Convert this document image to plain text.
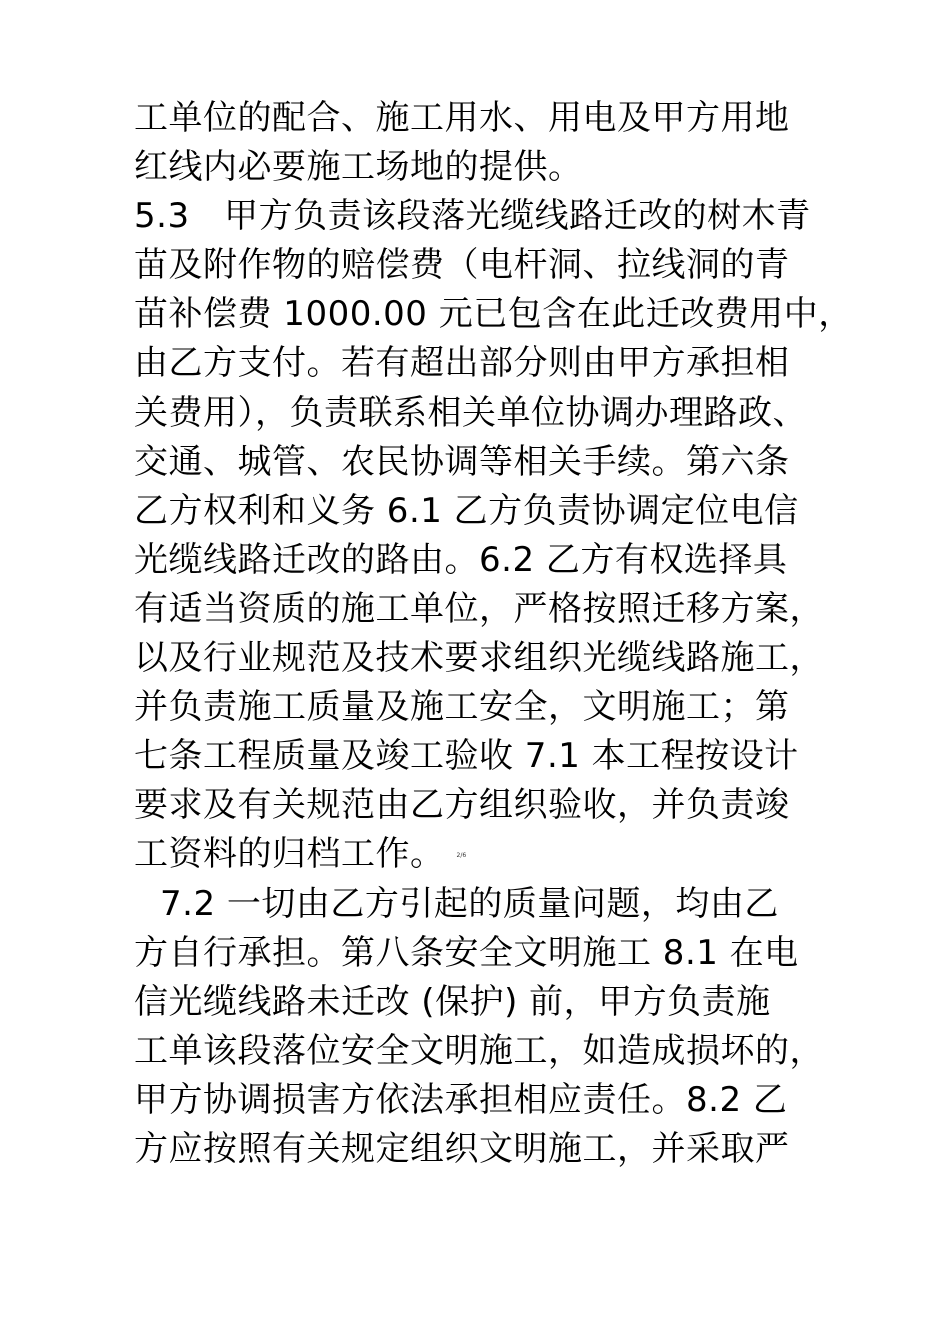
工单位的配合、施工用水、用电及甲方用地
红线内必要施工场地的提供。
5.3　甲方负责该段落光缆线路迁改的树木青
苗及附作物的赔偿费（电杆洞、拉线洞的青
苗补偿费 1000.00 元已包含在此迁改费用中，
由乙方支付。若有超出部分则由甲方承担相
关费用），负责联系相关单位协调办理路政、
交通、城管、农民协调等相关手续。第六条
乙方权利和义务 6.1 乙方负责协调定位电信
光缆线路迁改的路由。6.2 乙方有权选择具
有适当资质的施工单位，严格按照迁移方案，
以及行业规范及技术要求组织光缆线路施工，
并负责施工质量及施工安全，文明施工；第
七条工程质量及竣工验收 7.1 本工程按设计
要求及有关规范由乙方组织验收，并负责竣
工资料的归档工作。 2/6
7.2 一切由乙方引起的质量问题，均由乙
方自行承担。第八条安全文明施工 8.1 在电
信光缆线路未迁改 (保护) 前，甲方负责施
工单该段落位安全文明施工，如造成损坏的，
甲方协调损害方依法承担相应责任。8.2 乙
方应按照有关规定组织文明施工，并采取严
